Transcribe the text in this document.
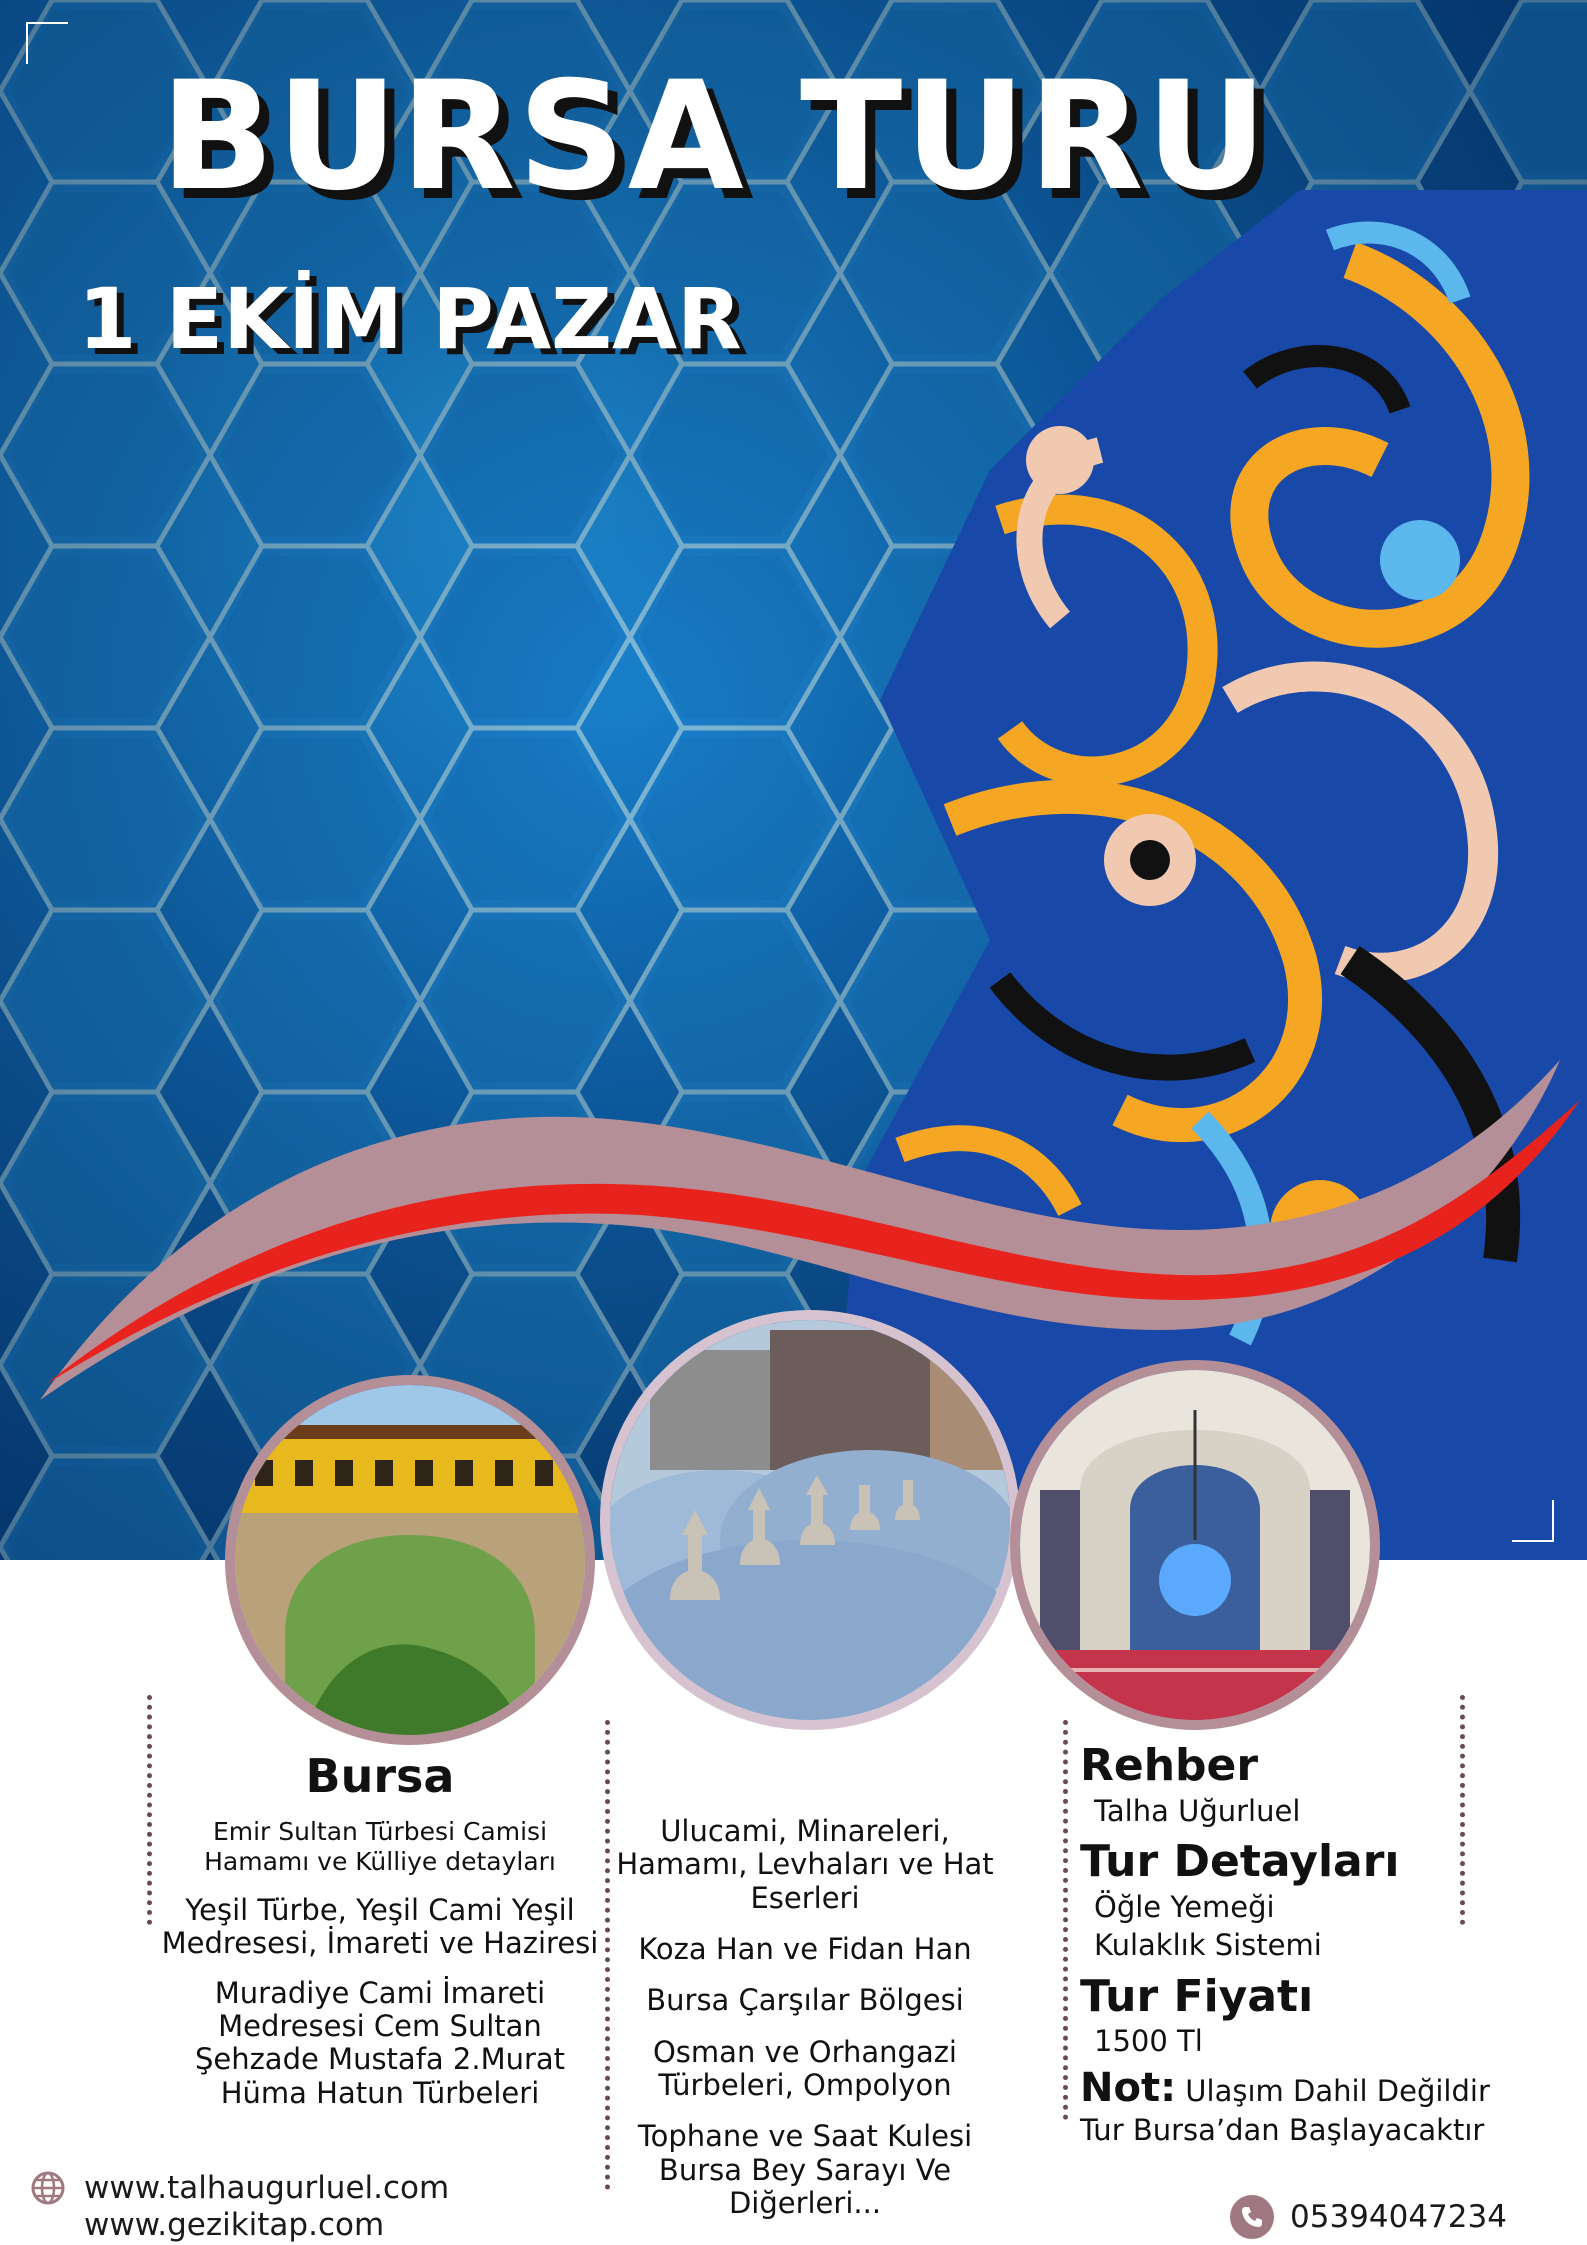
BURSA TURU
1 EKİM PAZAR
Bursa
Emir Sultan Türbesi Camisi Hamamı ve Külliye detayları
Yeşil Türbe, Yeşil Cami Yeşil Medresesi, İmareti ve Haziresi
Muradiye Cami İmareti Medresesi Cem Sultan Şehzade Mustafa 2.Murat Hüma Hatun Türbeleri
Ulucami, Minareleri, Hamamı, Levhaları ve Hat Eserleri
Koza Han ve Fidan Han
Bursa Çarşılar Bölgesi
Osman ve Orhangazi Türbeleri, Ompolyon
Tophane ve Saat Kulesi Bursa Bey Sarayı Ve Diğerleri...
Rehber
Talha Uğurluel
Tur Detayları
Öğle Yemeği
Kulaklık Sistemi
Tur Fiyatı
1500 Tl
Not: Ulaşım Dahil Değildir
Tur Bursa’dan Başlayacaktır
www.talhaugurluel.com
www.gezikitap.com	05394047234
